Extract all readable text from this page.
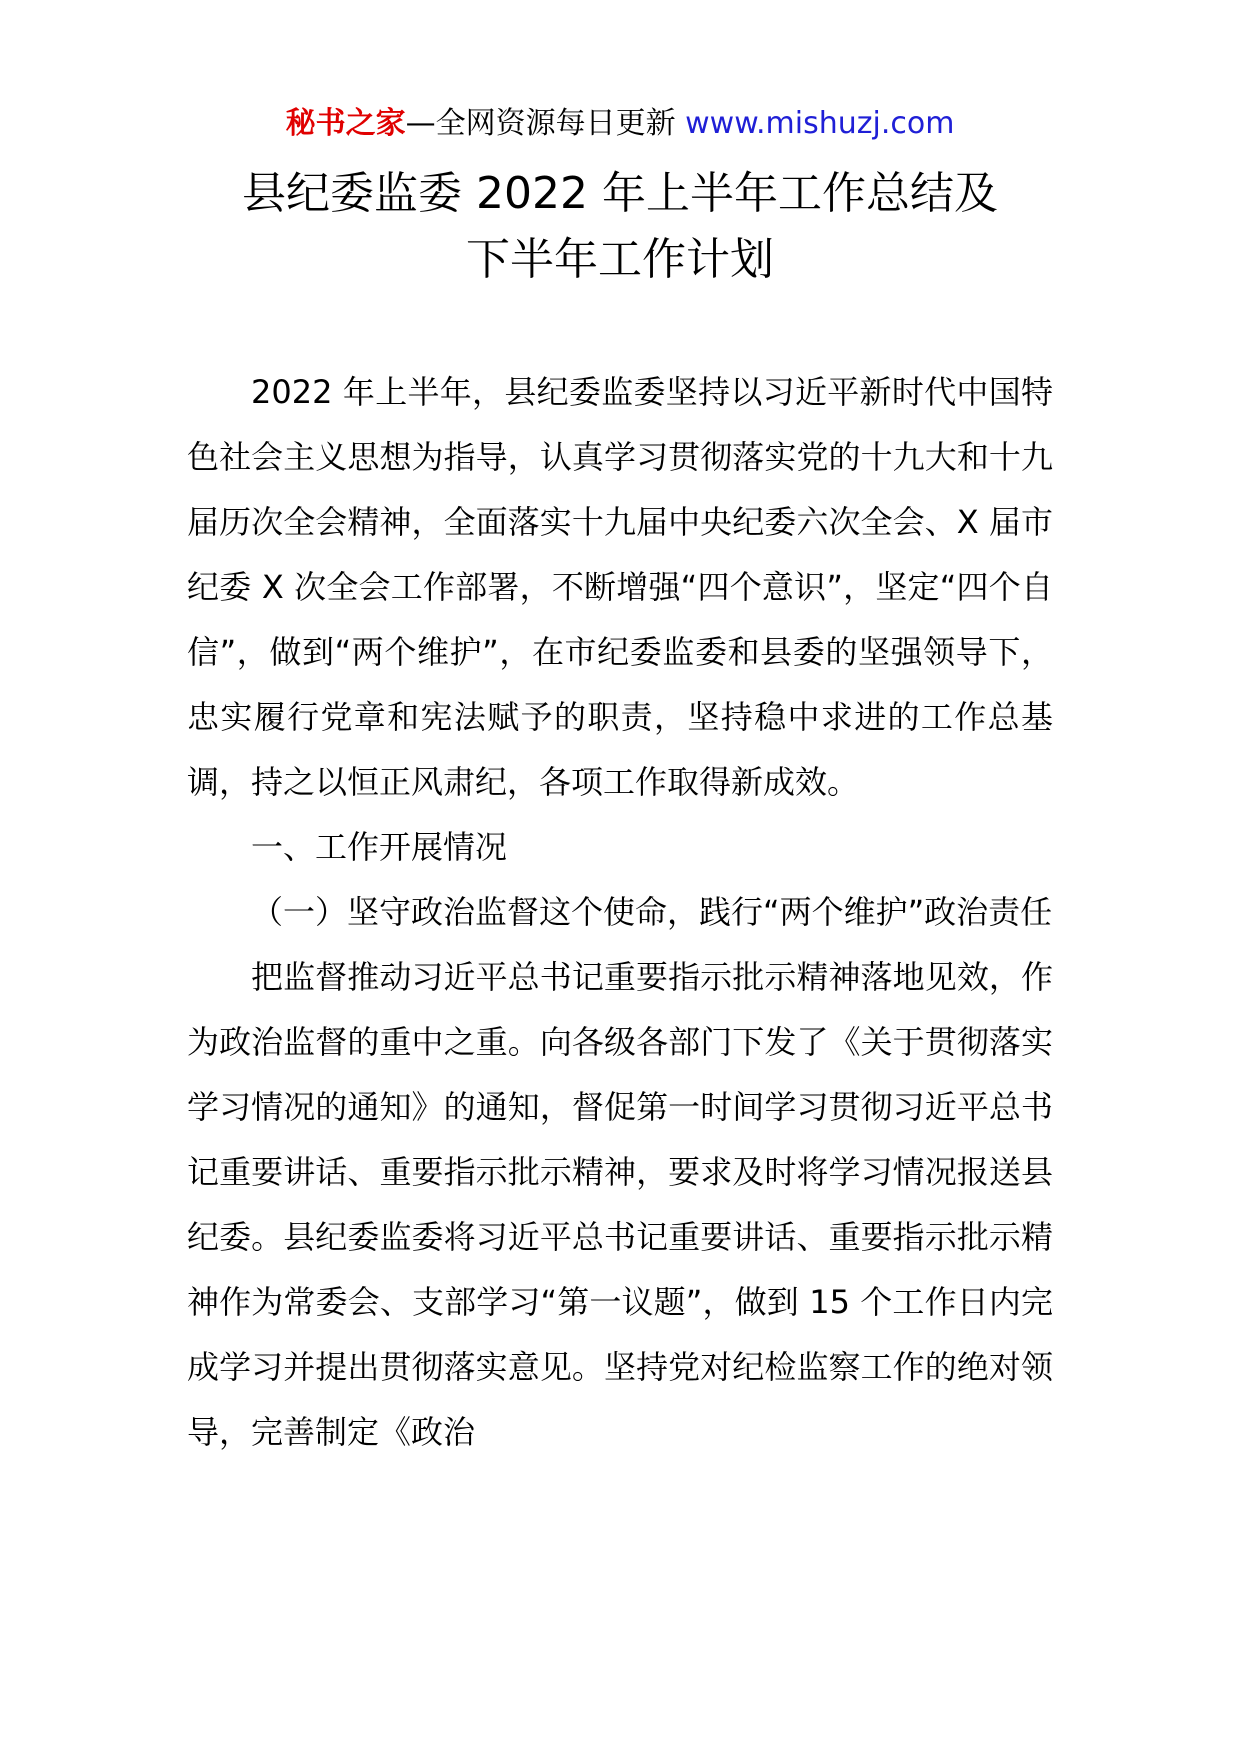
秘书之家—全网资源每日更新 www.mishuzj.com
县纪委监委 2022 年上半年工作总结及
下半年工作计划

2022 年上半年，县纪委监委坚持以习近平新时代中国特色社会主义思想为指导，认真学习贯彻落实党的十九大和十九届历次全会精神，全面落实十九届中央纪委六次全会、X 届市纪委 X 次全会工作部署，不断增强“四个意识”，坚定“四个自信”，做到“两个维护”，在市纪委监委和县委的坚强领导下，忠实履行党章和宪法赋予的职责，坚持稳中求进的工作总基调，持之以恒正风肃纪，各项工作取得新成效。

一、工作开展情况

（一）坚守政治监督这个使命，践行“两个维护”政治责任

把监督推动习近平总书记重要指示批示精神落地见效，作为政治监督的重中之重。向各级各部门下发了《关于贯彻落实学习情况的通知》的通知，督促第一时间学习贯彻习近平总书记重要讲话、重要指示批示精神，要求及时将学习情况报送县纪委。县纪委监委将习近平总书记重要讲话、重要指示批示精神作为常委会、支部学习“第一议题”，做到 15 个工作日内完成学习并提出贯彻落实意见。坚持党对纪检监察工作的绝对领导，完善制定《政治
